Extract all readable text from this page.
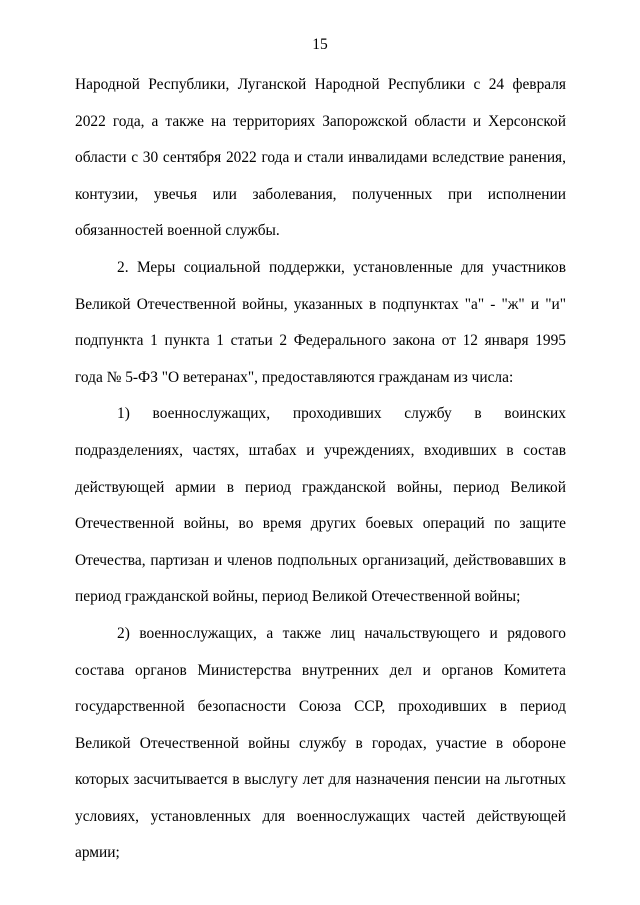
15

Народной Республики, Луганской Народной Республики с 24 февраля 2022 года, а также на территориях Запорожской области и Херсонской области с 30 сентября 2022 года и стали инвалидами вследствие ранения, контузии, увечья или заболевания, полученных при исполнении обязанностей военной службы.

2. Меры социальной поддержки, установленные для участников Великой Отечественной войны, указанных в подпунктах "а" - "ж" и "и" подпункта 1 пункта 1 статьи 2 Федерального закона от 12 января 1995 года № 5-ФЗ "О ветеранах", предоставляются гражданам из числа:

1) военнослужащих, проходивших службу в воинских подразделениях, частях, штабах и учреждениях, входивших в состав действующей армии в период гражданской войны, период Великой Отечественной войны, во время других боевых операций по защите Отечества, партизан и членов подпольных организаций, действовавших в период гражданской войны, период Великой Отечественной войны;

2) военнослужащих, а также лиц начальствующего и рядового состава органов Министерства внутренних дел и органов Комитета государственной безопасности Союза ССР, проходивших в период Великой Отечественной войны службу в городах, участие в обороне которых засчитывается в выслугу лет для назначения пенсии на льготных условиях, установленных для военнослужащих частей действующей армии;
